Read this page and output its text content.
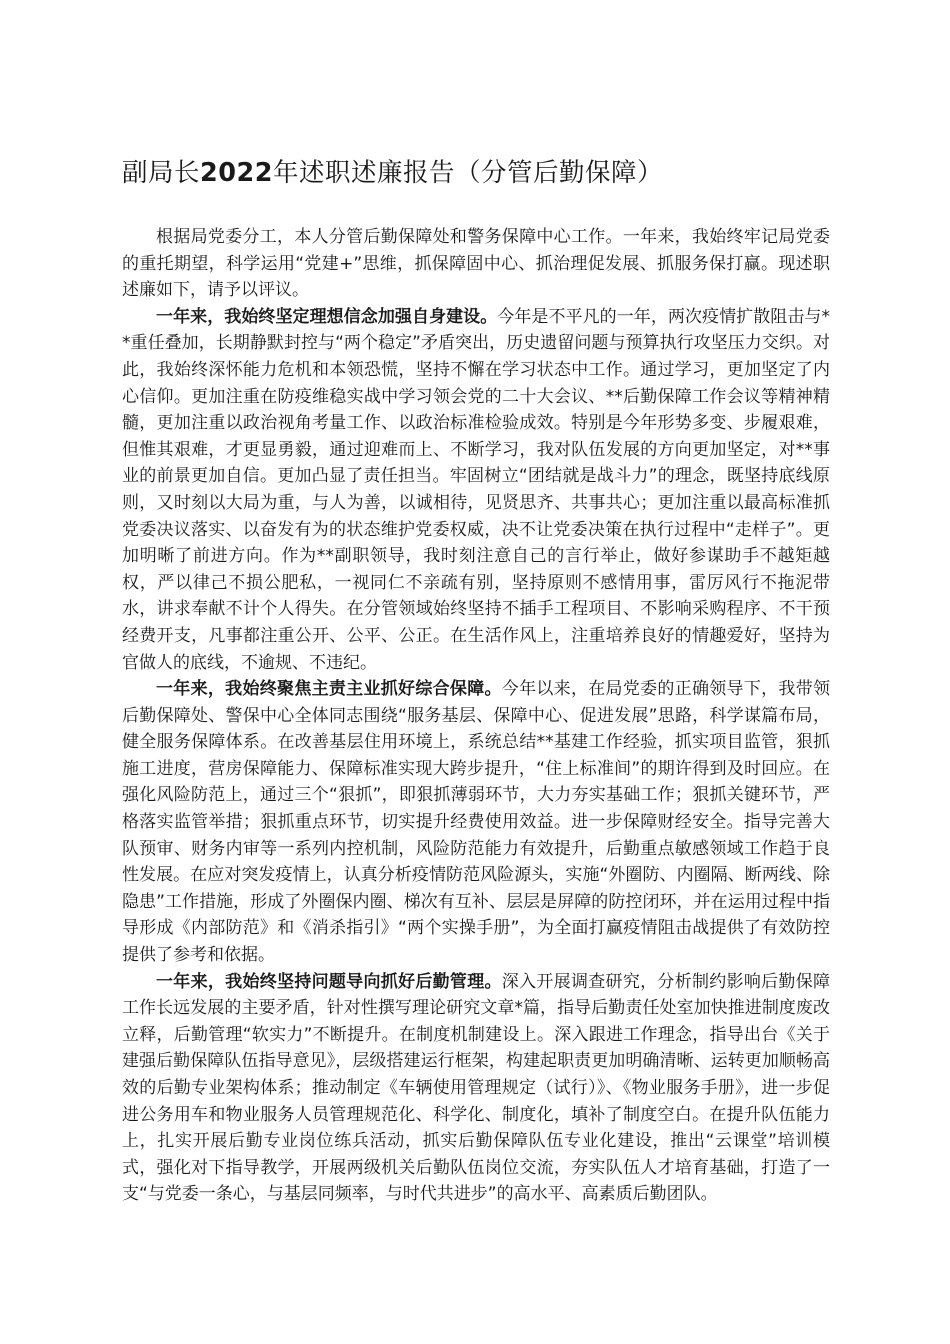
副局长2022年述职述廉报告（分管后勤保障）

根据局党委分工，本人分管后勤保障处和警务保障中心工作。一年来，我始终牢记局党委的重托期望，科学运用“党建+”思维，抓保障固中心、抓治理促发展、抓服务保打赢。现述职述廉如下，请予以评议。

一年来，我始终坚定理想信念加强自身建设。今年是不平凡的一年，两次疫情扩散阻击与**重任叠加，长期静默封控与“两个稳定”矛盾突出，历史遗留问题与预算执行攻坚压力交织。对此，我始终深怀能力危机和本领恐慌，坚持不懈在学习状态中工作。通过学习，更加坚定了内心信仰。更加注重在防疫维稳实战中学习领会党的二十大会议、**后勤保障工作会议等精神精髓，更加注重以政治视角考量工作、以政治标准检验成效。特别是今年形势多变、步履艰难，但惟其艰难，才更显勇毅，通过迎难而上、不断学习，我对队伍发展的方向更加坚定，对**事业的前景更加自信。更加凸显了责任担当。牢固树立“团结就是战斗力”的理念，既坚持底线原则，又时刻以大局为重，与人为善，以诚相待，见贤思齐、共事共心；更加注重以最高标准抓党委决议落实、以奋发有为的状态维护党委权威，决不让党委决策在执行过程中“走样子”。更加明晰了前进方向。作为**副职领导，我时刻注意自己的言行举止，做好参谋助手不越矩越权，严以律己不损公肥私，一视同仁不亲疏有别，坚持原则不感情用事，雷厉风行不拖泥带水，讲求奉献不计个人得失。在分管领域始终坚持不插手工程项目、不影响采购程序、不干预经费开支，凡事都注重公开、公平、公正。在生活作风上，注重培养良好的情趣爱好，坚持为官做人的底线，不逾规、不违纪。

一年来，我始终聚焦主责主业抓好综合保障。今年以来，在局党委的正确领导下，我带领后勤保障处、警保中心全体同志围绕“服务基层、保障中心、促进发展”思路，科学谋篇布局，健全服务保障体系。在改善基层住用环境上，系统总结**基建工作经验，抓实项目监管，狠抓施工进度，营房保障能力、保障标准实现大跨步提升，“住上标准间”的期许得到及时回应。在强化风险防范上，通过三个“狠抓”，即狠抓薄弱环节，大力夯实基础工作；狠抓关键环节，严格落实监管举措；狠抓重点环节，切实提升经费使用效益。进一步保障财经安全。指导完善大队预审、财务内审等一系列内控机制，风险防范能力有效提升，后勤重点敏感领域工作趋于良性发展。在应对突发疫情上，认真分析疫情防范风险源头，实施“外圈防、内圈隔、断两线、除隐患”工作措施，形成了外圈保内圈、梯次有互补、层层是屏障的防控闭环，并在运用过程中指导形成《内部防范》和《消杀指引》“两个实操手册”，为全面打赢疫情阻击战提供了有效防控提供了参考和依据。

一年来，我始终坚持问题导向抓好后勤管理。深入开展调查研究，分析制约影响后勤保障工作长远发展的主要矛盾，针对性撰写理论研究文章*篇，指导后勤责任处室加快推进制度废改立释，后勤管理“软实力”不断提升。在制度机制建设上。深入跟进工作理念，指导出台《关于建强后勤保障队伍指导意见》，层级搭建运行框架，构建起职责更加明确清晰、运转更加顺畅高效的后勤专业架构体系；推动制定《车辆使用管理规定（试行）》、《物业服务手册》，进一步促进公务用车和物业服务人员管理规范化、科学化、制度化，填补了制度空白。在提升队伍能力上，扎实开展后勤专业岗位练兵活动，抓实后勤保障队伍专业化建设，推出“云课堂”培训模式，强化对下指导教学，开展两级机关后勤队伍岗位交流，夯实队伍人才培育基础，打造了一支“与党委一条心，与基层同频率，与时代共进步”的高水平、高素质后勤团队。
